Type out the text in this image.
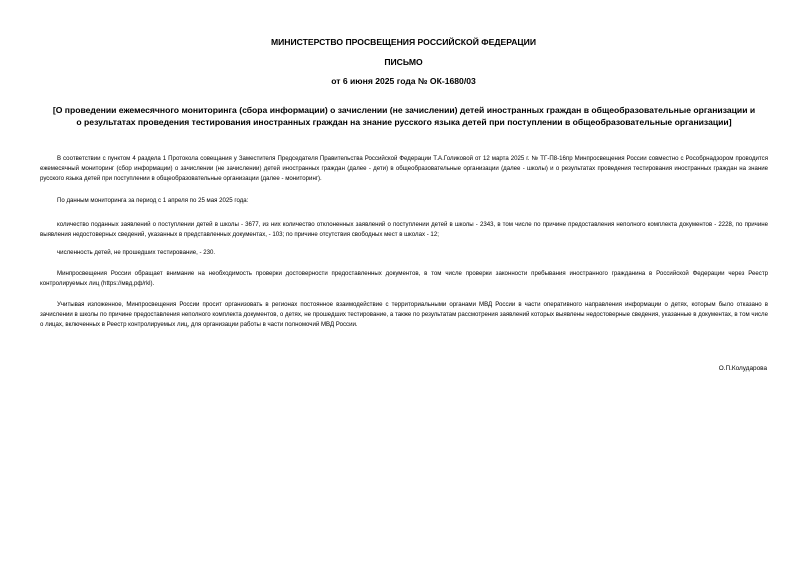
МИНИСТЕРСТВО ПРОСВЕЩЕНИЯ РОССИЙСКОЙ ФЕДЕРАЦИИ
ПИСЬМО
от 6 июня 2025 года № ОК-1680/03
[О проведении ежемесячного мониторинга (сбора информации) о зачислении (не зачислении) детей иностранных граждан в общеобразовательные организации и
о результатах проведения тестирования иностранных граждан на знание русского языка детей при поступлении в общеобразовательные организации]
В соответствии с пунктом 4 раздела 1 Протокола совещания у Заместителя Председателя Правительства Российской Федерации Т.А.Голиковой от 12 марта 2025 г. № ТГ-П8-16пр Минпросвещения России совместно с Рособрнадзором проводится ежемесячный мониторинг (сбор информации) о зачислении (не зачислении) детей иностранных граждан (далее - дети) в общеобразовательные организации (далее - школы) и о результатах проведения тестирования иностранных граждан на знание русского языка детей при поступлении в общеобразовательные организации (далее - мониторинг).
По данным мониторинга за период с 1 апреля по 25 мая 2025 года:
количество поданных заявлений о поступлении детей в школы - 3677, из них количество отклоненных заявлений о поступлении детей в школы - 2343, в том числе по причине предоставления неполного комплекта документов - 2228, по причине выявления недостоверных сведений, указанных в представленных документах, - 103; по причине отсутствия свободных мест в школах - 12;
численность детей, не прошедших тестирование, - 230.
Минпросвещения России обращает внимание на необходимость проверки достоверности предоставленных документов, в том числе проверки законности пребывания иностранного гражданина в Российской Федерации через Реестр контролируемых лиц (https://мвд.рф/rkl).
Учитывая изложенное, Минпросвещения России просит организовать в регионах постоянное взаимодействие с территориальными органами МВД России в части оперативного направления информации о детях, которым было отказано в зачислении в школы по причине предоставления неполного комплекта документов, о детях, не прошедших тестирование, а также по результатам рассмотрения заявлений которых выявлены недостоверные сведения, указанные в документах, в том числе о лицах, включенных в Реестр контролируемых лиц, для организации работы в части полномочий МВД России.
О.П.Колударова
